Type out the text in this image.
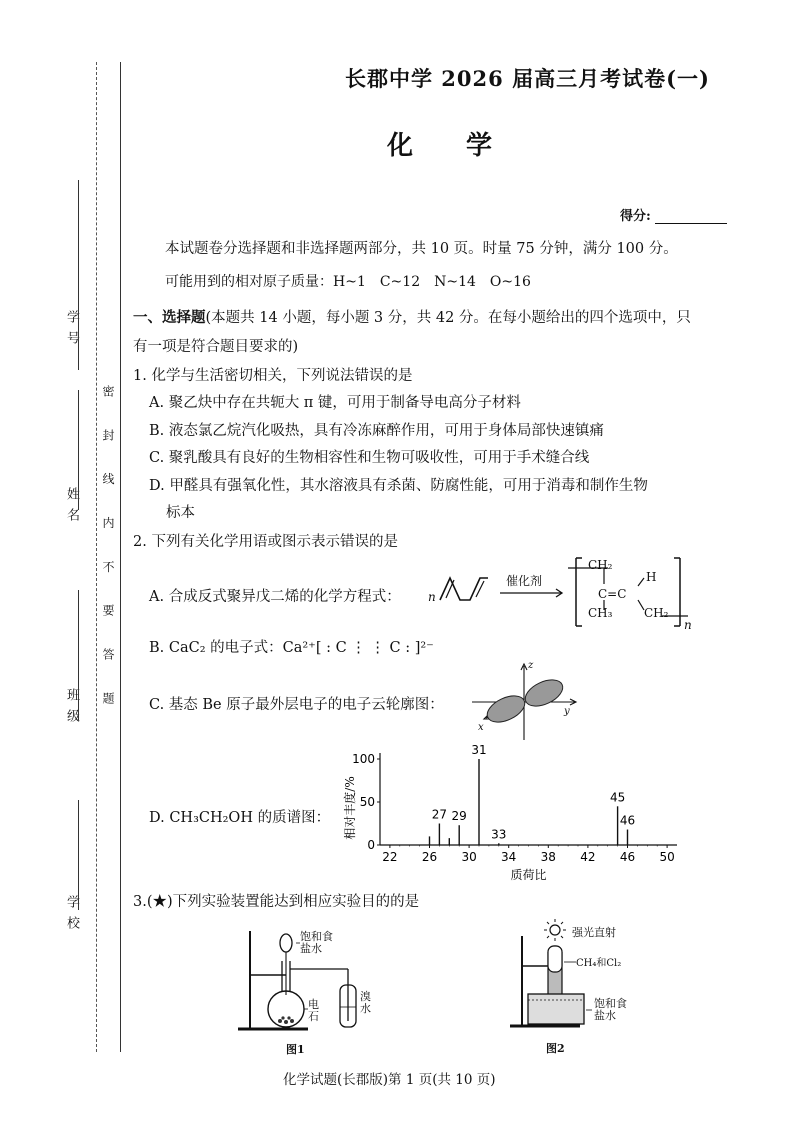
学 号
姓 名
班 级
学 校
密 封 线 内 不 要 答 题
长郡中学 2026 届高三月考试卷(一)
化 学
得分:
本试题卷分选择题和非选择题两部分，共 10 页。时量 75 分钟，满分 100 分。
可能用到的相对原子质量：H~1　C~12　N~14　O~16
一、选择题(本题共 14 小题，每小题 3 分，共 42 分。在每小题给出的四个选项中，只
有一项是符合题目要求的)
1. 化学与生活密切相关，下列说法错误的是
A. 聚乙炔中存在共轭大 π 键，可用于制备导电高分子材料
B. 液态氯乙烷汽化吸热，具有冷冻麻醉作用，可用于身体局部快速镇痛
C. 聚乳酸具有良好的生物相容性和生物可吸收性，可用于手术缝合线
D. 甲醛具有强氧化性，其水溶液具有杀菌、防腐性能，可用于消毒和制作生物
标本
2. 下列有关化学用语或图示表示错误的是
A. 合成反式聚异戊二烯的化学方程式： n
催化剂
CH₂
H
C=C
CH₃	CH₂
n
B. CaC₂ 的电子式：Ca²⁺[ : C ⋮ ⋮ C : ]²⁻
C. 基态 Be 原子最外层电子的电子云轮廓图：
z
y
x
D. CH₃CH₂OH 的质谱图：
0
50
100
22 26 30 34 38 42 46 50
27 29
31
33
45
46
质荷比
相对丰度/%
3.(★)下列实验装置能达到相应实验目的的是
饱和食盐水
电石
溴水
图1
强光直射
CH₄和Cl₂
饱和食盐水
图2
化学试题(长郡版)第 1 页(共 10 页)
